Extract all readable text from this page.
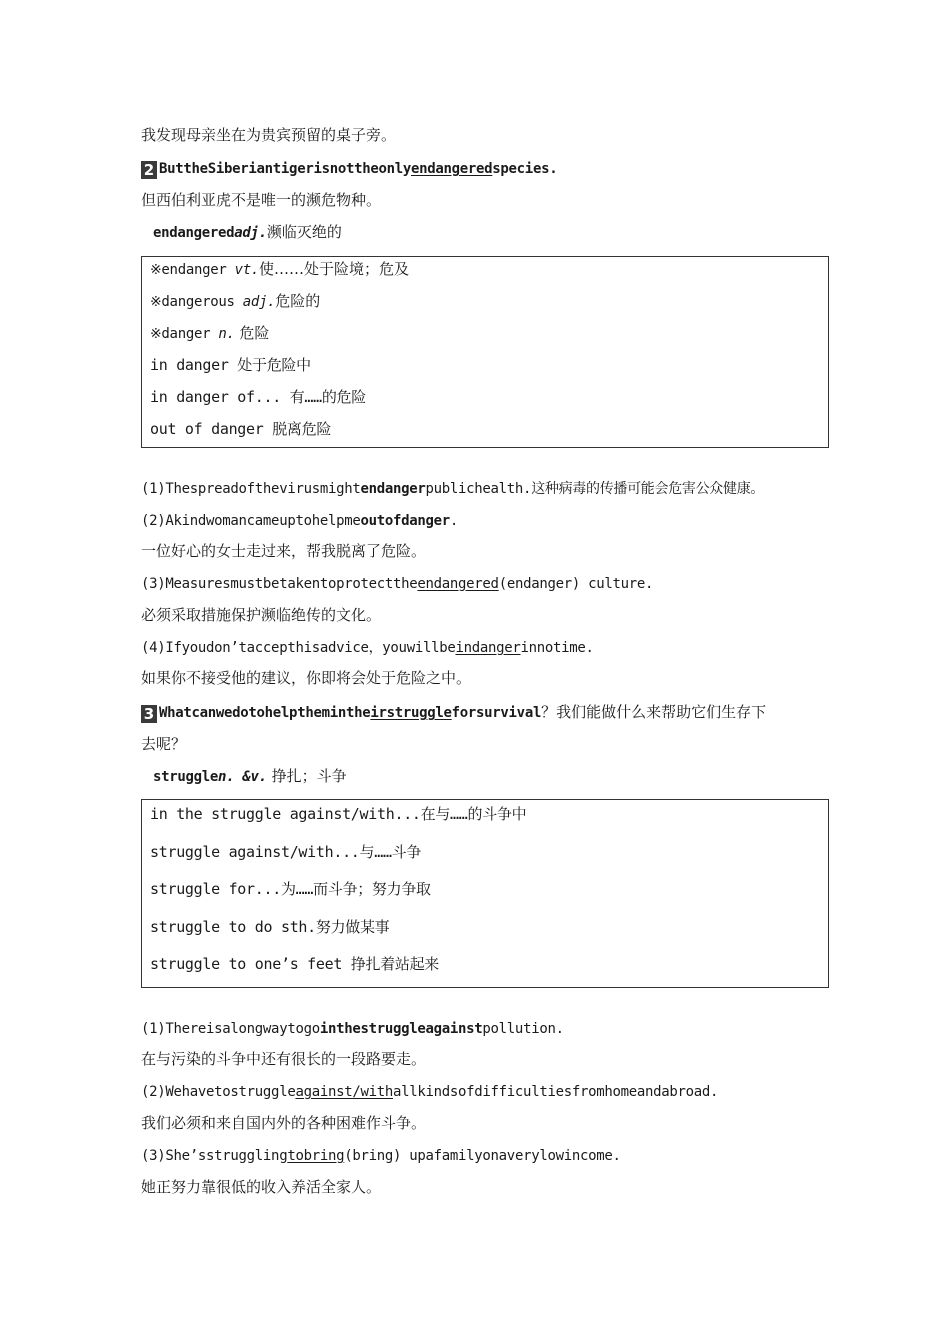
我发现母亲坐在为贵宾预留的桌子旁。
2 ButtheSiberiantigerisnottheonlyendangeredspecies.
但西伯利亚虎不是唯一的濒危物种。
endangeredadj.濒临灭绝的
※endanger vt.使……处于险境；危及
※dangerous adj.危险的
※danger n. 危险
in danger 处于危险中
in danger of... 有……的危险
out of danger 脱离危险
(1)Thespreadofthevirusmightendangerpublichealth.这种病毒的传播可能会危害公众健康。
(2)Akindwomancameuptohelpmeoutofdanger.
一位好心的女士走过来，帮我脱离了危险。
(3)Measuresmustbetakentoprotecttheendangered(endanger) culture.
必须采取措施保护濒临绝传的文化。
(4)Ifyoudon’taccepthisadvice，youwillbeindangerinnotime.
如果你不接受他的建议，你即将会处于危险之中。
3 Whatcanwedotohelpthemintheirstruggleforsurvival？我们能做什么来帮助它们生存下
去呢？
strugglen. &v. 挣扎；斗争
in the struggle against/with...在与……的斗争中
struggle against/with...与……斗争
struggle for...为……而斗争；努力争取
struggle to do sth.努力做某事
struggle to one’s feet 挣扎着站起来
(1)Thereisalongwaytogointhestruggleagainstpollution.
在与污染的斗争中还有很长的一段路要走。
(2)Wehavetostruggleagainst/withallkindsofdifficultiesfromhomeandabroad.
我们必须和来自国内外的各种困难作斗争。
(3)She’sstrugglingtobring(bring) upafamilyonaverylowincome.
她正努力靠很低的收入养活全家人。
